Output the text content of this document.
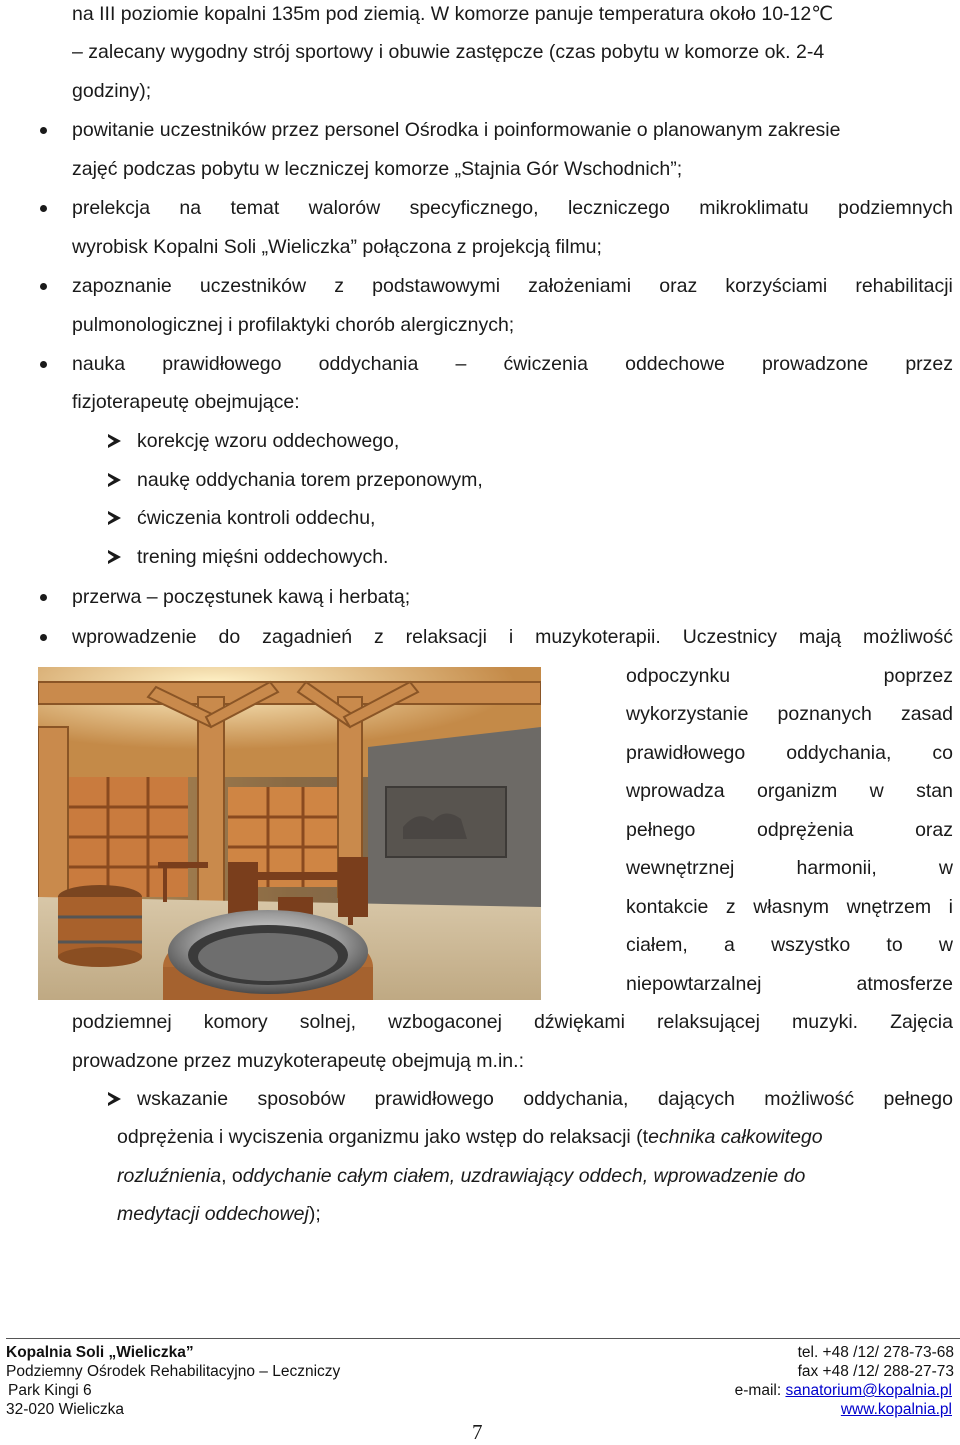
na III poziomie kopalni 135m pod ziemią. W komorze panuje temperatura około 10-12℃
– zalecany wygodny strój sportowy i obuwie zastępcze (czas pobytu w komorze ok. 2-4
godziny);
powitanie uczestników przez personel Ośrodka i poinformowanie o planowanym zakresie
zajęć podczas pobytu w leczniczej komorze „Stajnia Gór Wschodnich”;
prelekcja na temat walorów specyficznego, leczniczego mikroklimatu podziemnych
wyrobisk Kopalni Soli „Wieliczka” połączona z projekcją filmu;
zapoznanie uczestników z podstawowymi założeniami oraz korzyściami rehabilitacji
pulmonologicznej i profilaktyki chorób alergicznych;
nauka prawidłowego oddychania – ćwiczenia oddechowe prowadzone przez
fizjoterapeutę obejmujące:
korekcję wzoru oddechowego,
naukę oddychania torem przeponowym,
ćwiczenia kontroli oddechu,
trening mięśni oddechowych.
przerwa – poczęstunek kawą i herbatą;
wprowadzenie do zagadnień z relaksacji i muzykoterapii. Uczestnicy mają możliwość
odpoczynku	poprzez
wykorzystanie poznanych zasad
prawidłowego oddychania, co
wprowadza organizm w stan
pełnego	odprężenia	oraz
wewnętrznej	harmonii,	w
kontakcie z własnym wnętrzem i
ciałem, a wszystko to w
niepowtarzalnej	atmosferze
podziemnej komory solnej, wzbogaconej dźwiękami relaksującej muzyki. Zajęcia
prowadzone przez muzykoterapeutę obejmują m.in.:
wskazanie sposobów prawidłowego oddychania, dających możliwość pełnego
odprężenia i wyciszenia organizmu jako wstęp do relaksacji (technika całkowitego
rozluźnienia, oddychanie całym ciałem, uzdrawiający oddech, wprowadzenie do
medytacji oddechowej);
Kopalnia Soli „Wieliczka”
Podziemny Ośrodek Rehabilitacyjno – Leczniczy
Park Kingi 6
32-020 Wieliczka
tel. +48 /12/ 278-73-68
fax +48 /12/ 288-27-73
e-mail: sanatorium@kopalnia.pl
www.kopalnia.pl
7
